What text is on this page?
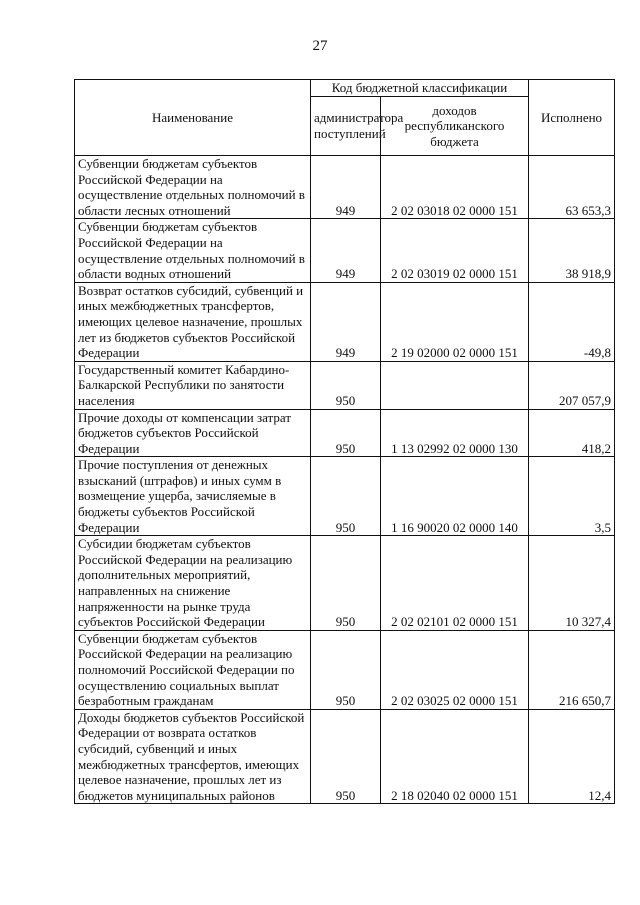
27
Наименование	Код бюджетной классификации		Исполнено
	администратора поступлений	доходов республиканского бюджета	
Субвенции бюджетам субъектов Российской Федерации на осуществление отдельных полномочий в области лесных отношений	949	2 02 03018 02 0000 151	63 653,3
Субвенции бюджетам субъектов Российской Федерации на осуществление отдельных полномочий в области водных отношений	949	2 02 03019 02 0000 151	38 918,9
Возврат остатков субсидий, субвенций и иных межбюджетных трансфертов, имеющих целевое назначение, прошлых лет из бюджетов субъектов Российской Федерации	949	2 19 02000 02 0000 151	-49,8
Государственный комитет Кабардино-Балкарской Республики по занятости населения	950		207 057,9
Прочие доходы от компенсации затрат бюджетов субъектов Российской Федерации	950	1 13 02992 02 0000 130	418,2
Прочие поступления от денежных взысканий (штрафов) и иных сумм в возмещение ущерба, зачисляемые в бюджеты субъектов Российской Федерации	950	1 16 90020 02 0000 140	3,5
Субсидии бюджетам субъектов Российской Федерации на реализацию дополнительных мероприятий, направленных на снижение напряженности на рынке труда субъектов Российской Федерации	950	2 02 02101 02 0000 151	10 327,4
Субвенции бюджетам субъектов Российской Федерации на реализацию полномочий Российской Федерации по осуществлению социальных выплат безработным гражданам	950	2 02 03025 02 0000 151	216 650,7
Доходы бюджетов субъектов Российской Федерации от возврата остатков субсидий, субвенций и иных межбюджетных трансфертов, имеющих целевое назначение, прошлых лет из бюджетов муниципальных районов	950	2 18 02040 02 0000 151	12,4
